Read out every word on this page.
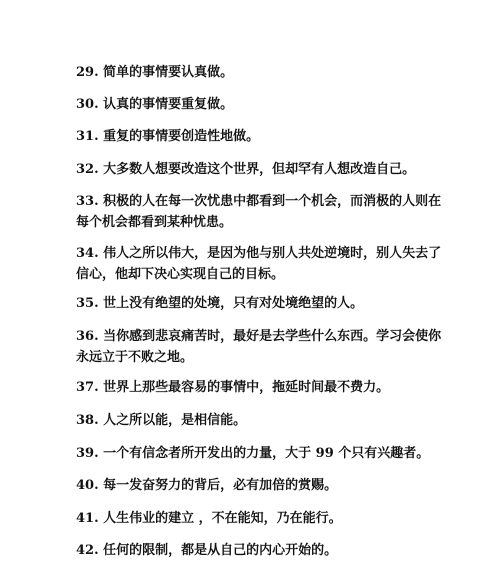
29. 简单的事情要认真做。

30. 认真的事情要重复做。

31. 重复的事情要创造性地做。

32. 大多数人想要改造这个世界，但却罕有人想改造自己。

33. 积极的人在每一次忧患中都看到一个机会，而消极的人则在
每个机会都看到某种忧患。

34. 伟人之所以伟大，是因为他与别人共处逆境时，别人失去了
信心，他却下决心实现自己的目标。

35. 世上没有绝望的处境，只有对处境绝望的人。

36. 当你感到悲哀痛苦时，最好是去学些什么东西。学习会使你
永远立于不败之地。

37. 世界上那些最容易的事情中，拖延时间最不费力。

38. 人之所以能，是相信能。

39. 一个有信念者所开发出的力量，大于 99 个只有兴趣者。

40. 每一发奋努力的背后，必有加倍的赏赐。

41. 人生伟业的建立 ，不在能知，乃在能行。

42. 任何的限制，都是从自己的内心开始的。
